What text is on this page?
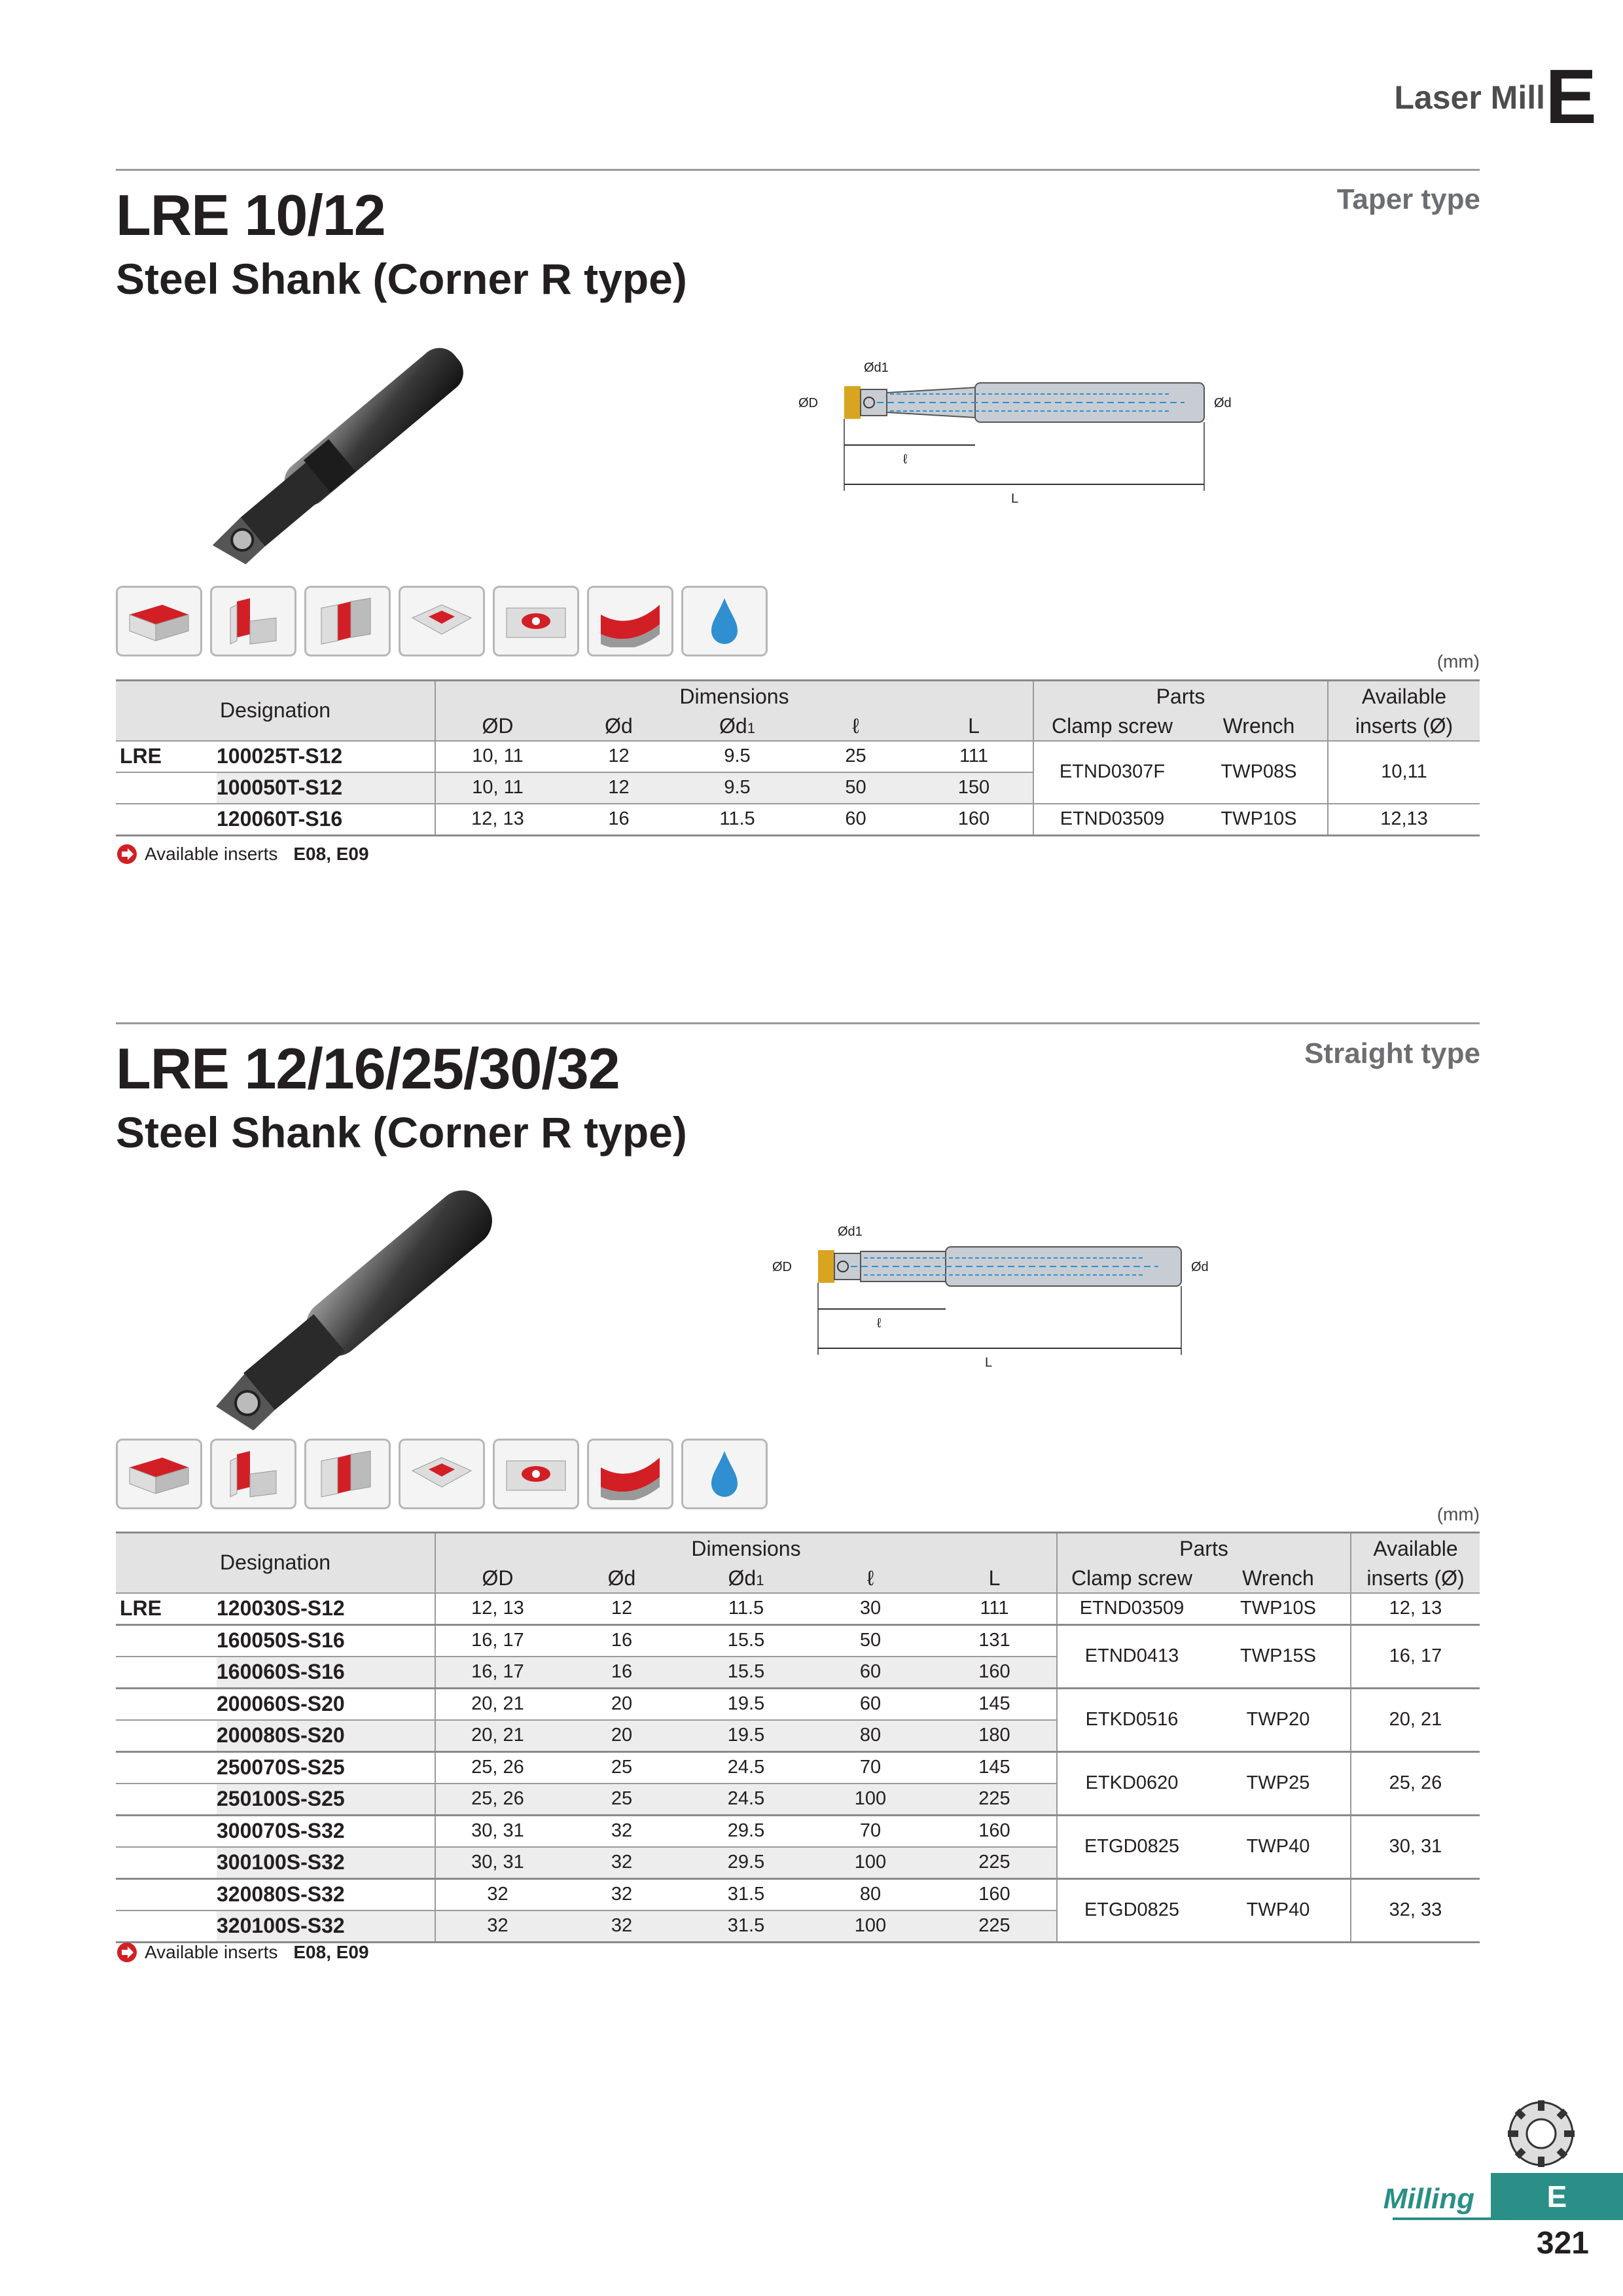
Laser Mill E
LRE 10/12	Taper type
Steel Shank (Corner R type)
Ød1
ØD	Ød
ℓ
L
(mm)
Designation		Dimensions					Parts		Available
		ØD	Ød	Ød1	ℓ	L	Clamp screw	Wrench	inserts (Ø)
LRE	100025T-S12	10, 11	12	9.5	25	111	ETND0307F	TWP08S	10,11
	100050T-S12	10, 11	12	9.5	50	150			
	120060T-S16	12, 13	16	11.5	60	160	ETND03509	TWP10S	12,13
Available inserts E08, E09
LRE 12/16/25/30/32	Straight type
Steel Shank (Corner R type)
Ød1
ØD	Ød
ℓ
L
(mm)
Designation		Dimensions					Parts		Available
		ØD	Ød	Ød1	ℓ	L	Clamp screw	Wrench	inserts (Ø)
LRE	120030S-S12	12, 13	12	11.5	30	111	ETND03509	TWP10S	12, 13
	160050S-S16	16, 17	16	15.5	50	131	ETND0413	TWP15S	16, 17
	160060S-S16	16, 17	16	15.5	60	160			
	200060S-S20	20, 21	20	19.5	60	145	ETKD0516	TWP20	20, 21
	200080S-S20	20, 21	20	19.5	80	180			
	250070S-S25	25, 26	25	24.5	70	145	ETKD0620	TWP25	25, 26
	250100S-S25	25, 26	25	24.5	100	225			
	300070S-S32	30, 31	32	29.5	70	160	ETGD0825	TWP40	30, 31
	300100S-S32	30, 31	32	29.5	100	225			
	320080S-S32	32	32	31.5	80	160	ETGD0825	TWP40	32, 33
	320100S-S32	32	32	31.5	100	225			
Available inserts E08, E09
Milling	E
321
